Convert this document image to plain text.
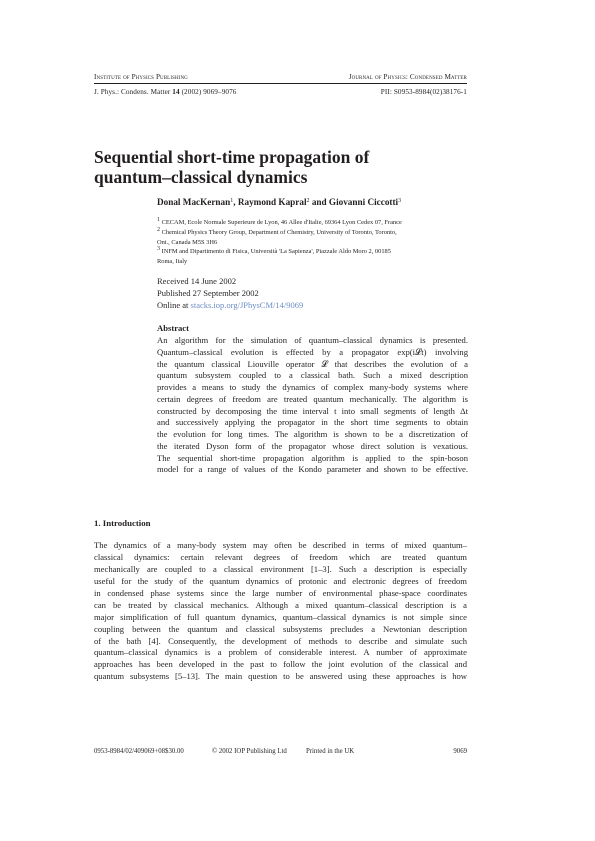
Institute of Physics Publishing	Journal of Physics: Condensed Matter
J. Phys.: Condens. Matter 14 (2002) 9069–9076	PII: S0953-8984(02)38176-1
Sequential short-time propagation of
quantum–classical dynamics
Donal MacKernan$^1$, Raymond Kapral$^2$ and Giovanni Ciccotti$^3$
$^1$ CECAM, Ecole Normale Superieure de Lyon, 46 Allee d'Italie, 69364 Lyon Cedex 07, France
$^2$ Chemical Physics Theory Group, Department of Chemistry, University of Toronto, Toronto,
Ont., Canada M5S 3H6
$^3$ INFM and Dipartimento di Fisica, Università 'La Sapienza', Piazzale Aldo Moro 2, 00185
Roma, Italy
Received 14 June 2002
Published 27 September 2002
Online at stacks.iop.org/JPhysCM/14/9069
Abstract
An algorithm for the simulation of quantum–classical dynamics is presented.
Quantum–classical evolution is effected by a propagator exp(i𝓛t) involving
the quantum classical Liouville operator 𝓛 that describes the evolution of a
quantum subsystem coupled to a classical bath. Such a mixed description
provides a means to study the dynamics of complex many-body systems where
certain degrees of freedom are treated quantum mechanically. The algorithm is
constructed by decomposing the time interval t into small segments of length Δt
and successively applying the propagator in the short time segments to obtain
the evolution for long times. The algorithm is shown to be a discretization of
the iterated Dyson form of the propagator whose direct solution is vexatious.
The sequential short-time propagation algorithm is applied to the spin-boson
model for a range of values of the Kondo parameter and shown to be effective.
1. Introduction
The dynamics of a many-body system may often be described in terms of mixed quantum–
classical dynamics: certain relevant degrees of freedom which are treated quantum
mechanically are coupled to a classical environment [1–3]. Such a description is especially
useful for the study of the quantum dynamics of protonic and electronic degrees of freedom
in condensed phase systems since the large number of environmental phase-space coordinates
can be treated by classical mechanics. Although a mixed quantum–classical description is a
major simplification of full quantum dynamics, quantum–classical dynamics is not simple since
coupling between the quantum and classical subsystems precludes a Newtonian description
of the bath [4]. Consequently, the development of methods to describe and simulate such
quantum–classical dynamics is a problem of considerable interest. A number of approximate
approaches has been developed in the past to follow the joint evolution of the classical and
quantum subsystems [5–13]. The main question to be answered using these approaches is how
0953-8984/02/409069+08$30.00	© 2002 IOP Publishing Ltd	Printed in the UK	9069
